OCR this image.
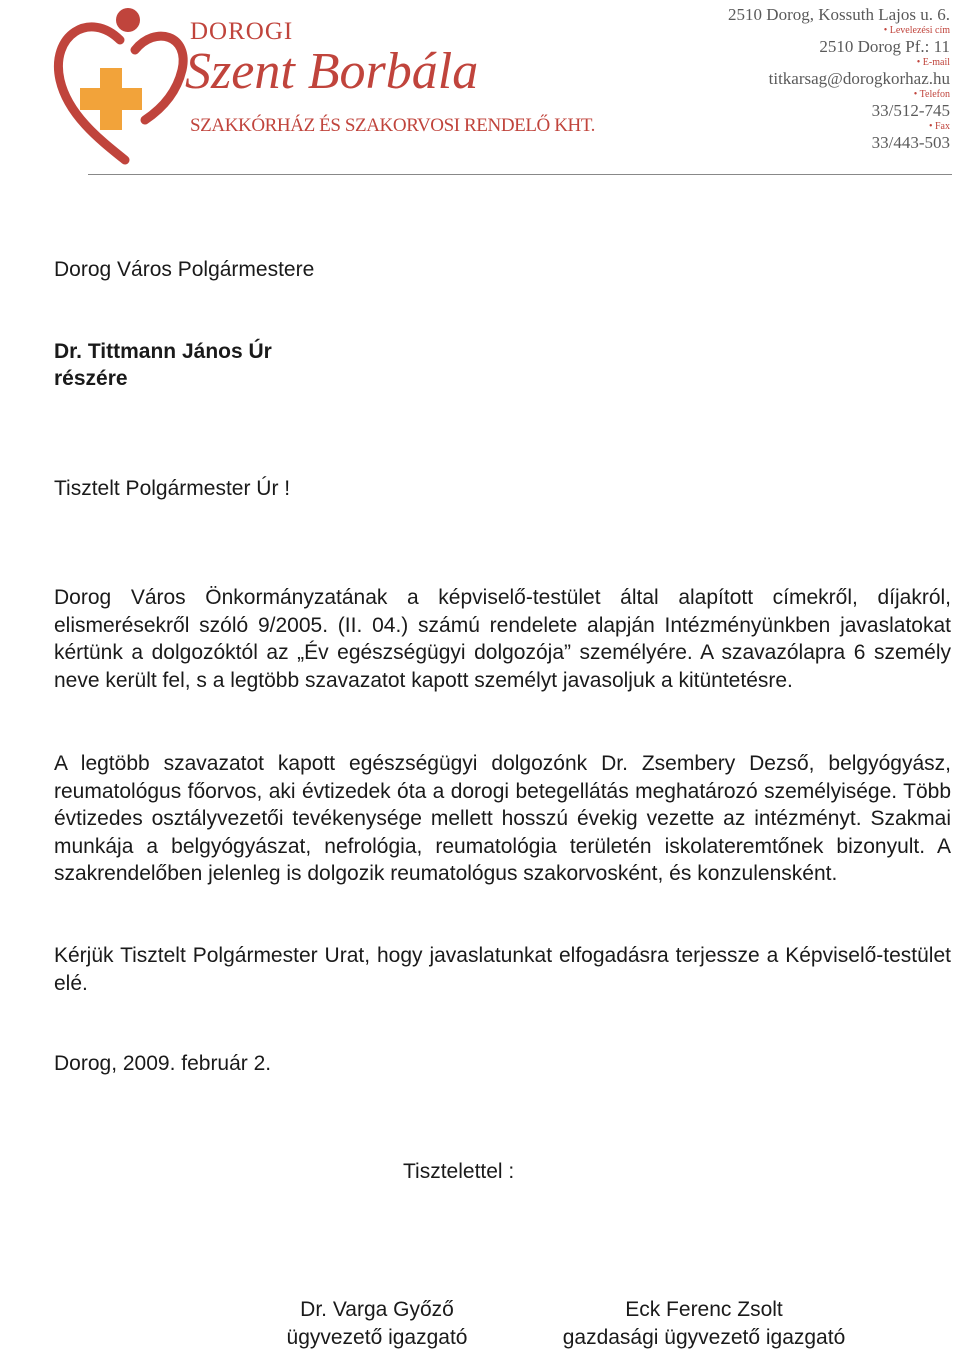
DOROGI
Szent Borbála
SZAKKÓRHÁZ ÉS SZAKORVOSI RENDELŐ KHT.
2510 Dorog, Kossuth Lajos u. 6.
• Levelezési cím
2510 Dorog Pf.: 11
• E-mail
titkarsag@dorogkorhaz.hu
• Telefon
33/512-745
• Fax
33/443-503
Dorog Város Polgármestere
Dr. Tittmann János Úr
részére
Tisztelt Polgármester Úr !
Dorog Város Önkormányzatának a képviselő-testület által alapított címekről, díjakról, elismerésekről szóló 9/2005. (II. 04.) számú rendelete alapján Intézményünkben javaslatokat kértünk a dolgozóktól az „Év egészségügyi dolgozója” személyére. A szavazólapra 6 személy neve került fel, s a legtöbb szavazatot kapott személyt javasoljuk a kitüntetésre.
A legtöbb szavazatot kapott egészségügyi dolgozónk Dr. Zsembery Dezső, belgyógyász, reumatológus főorvos, aki évtizedek óta a dorogi betegellátás meghatározó személyisége. Több évtizedes osztályvezetői tevékenysége mellett hosszú évekig vezette az intézményt. Szakmai munkája a belgyógyászat, nefrológia, reumatológia területén iskolateremtőnek bizonyult. A szakrendelőben jelenleg is dolgozik reumatológus szakorvosként, és konzulensként.
Kérjük Tisztelt Polgármester Urat, hogy javaslatunkat elfogadásra terjessze a Képviselő-testület elé.
Dorog, 2009. február 2.
Tisztelettel :
Dr. Varga Győző
ügyvezető igazgató
Eck Ferenc Zsolt
gazdasági ügyvezető igazgató
